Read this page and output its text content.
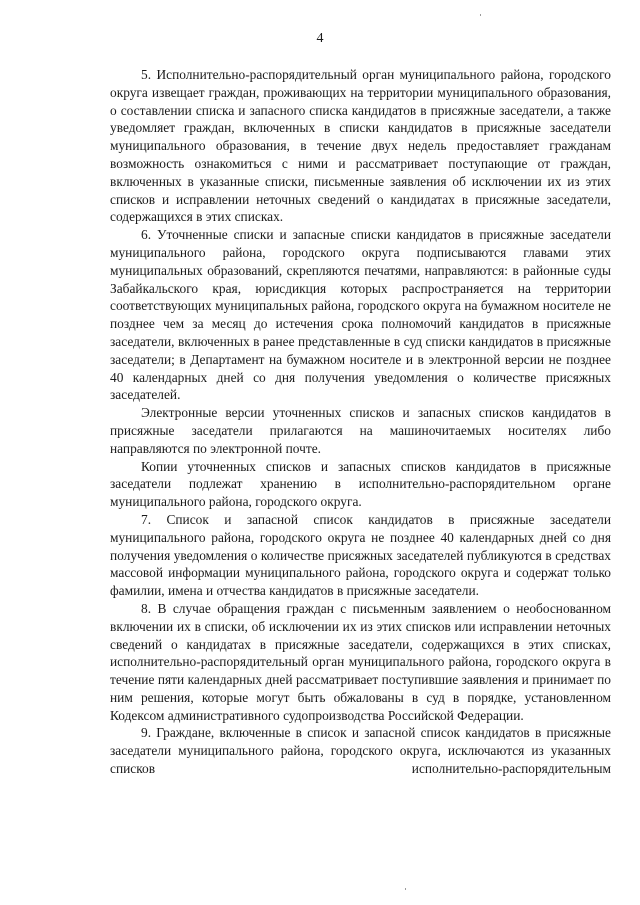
4

5. Исполнительно-распорядительный орган муниципального района, городского округа извещает граждан, проживающих на территории муниципального образования, о составлении списка и запасного списка кандидатов в присяжные заседатели, а также уведомляет граждан, включенных в списки кандидатов в присяжные заседатели муниципального образования, в течение двух недель предоставляет гражданам возможность ознакомиться с ними и рассматривает поступающие от граждан, включенных в указанные списки, письменные заявления об исключении их из этих списков и исправлении неточных сведений о кандидатах в присяжные заседатели, содержащихся в этих списках.

6. Уточненные списки и запасные списки кандидатов в присяжные заседатели муниципального района, городского округа подписываются главами этих муниципальных образований, скрепляются печатями, направляются: в районные суды Забайкальского края, юрисдикция которых распространяется на территории соответствующих муниципальных района, городского округа на бумажном носителе не позднее чем за месяц до истечения срока полномочий кандидатов в присяжные заседатели, включенных в ранее представленные в суд списки кандидатов в присяжные заседатели; в Департамент на бумажном носителе и в электронной версии не позднее 40 календарных дней со дня получения уведомления о количестве присяжных заседателей.

Электронные версии уточненных списков и запасных списков кандидатов в присяжные заседатели прилагаются на машиночитаемых носителях либо направляются по электронной почте.

Копии уточненных списков и запасных списков кандидатов в присяжные заседатели подлежат хранению в исполнительно-распорядительном органе муниципального района, городского округа.

7. Список и запасной список кандидатов в присяжные заседатели муниципального района, городского округа не позднее 40 календарных дней со дня получения уведомления о количестве присяжных заседателей публикуются в средствах массовой информации муниципального района, городского округа и содержат только фамилии, имена и отчества кандидатов в присяжные заседатели.

8. В случае обращения граждан с письменным заявлением о необоснованном включении их в списки, об исключении их из этих списков или исправлении неточных сведений о кандидатах в присяжные заседатели, содержащихся в этих списках, исполнительно-распорядительный орган муниципального района, городского округа в течение пяти календарных дней рассматривает поступившие заявления и принимает по ним решения, которые могут быть обжалованы в суд в порядке, установленном Кодексом административного судопроизводства Российской Федерации.

9. Граждане, включенные в список и запасной список кандидатов в присяжные заседатели муниципального района, городского округа, исключаются из указанных списков исполнительно-распорядительным
